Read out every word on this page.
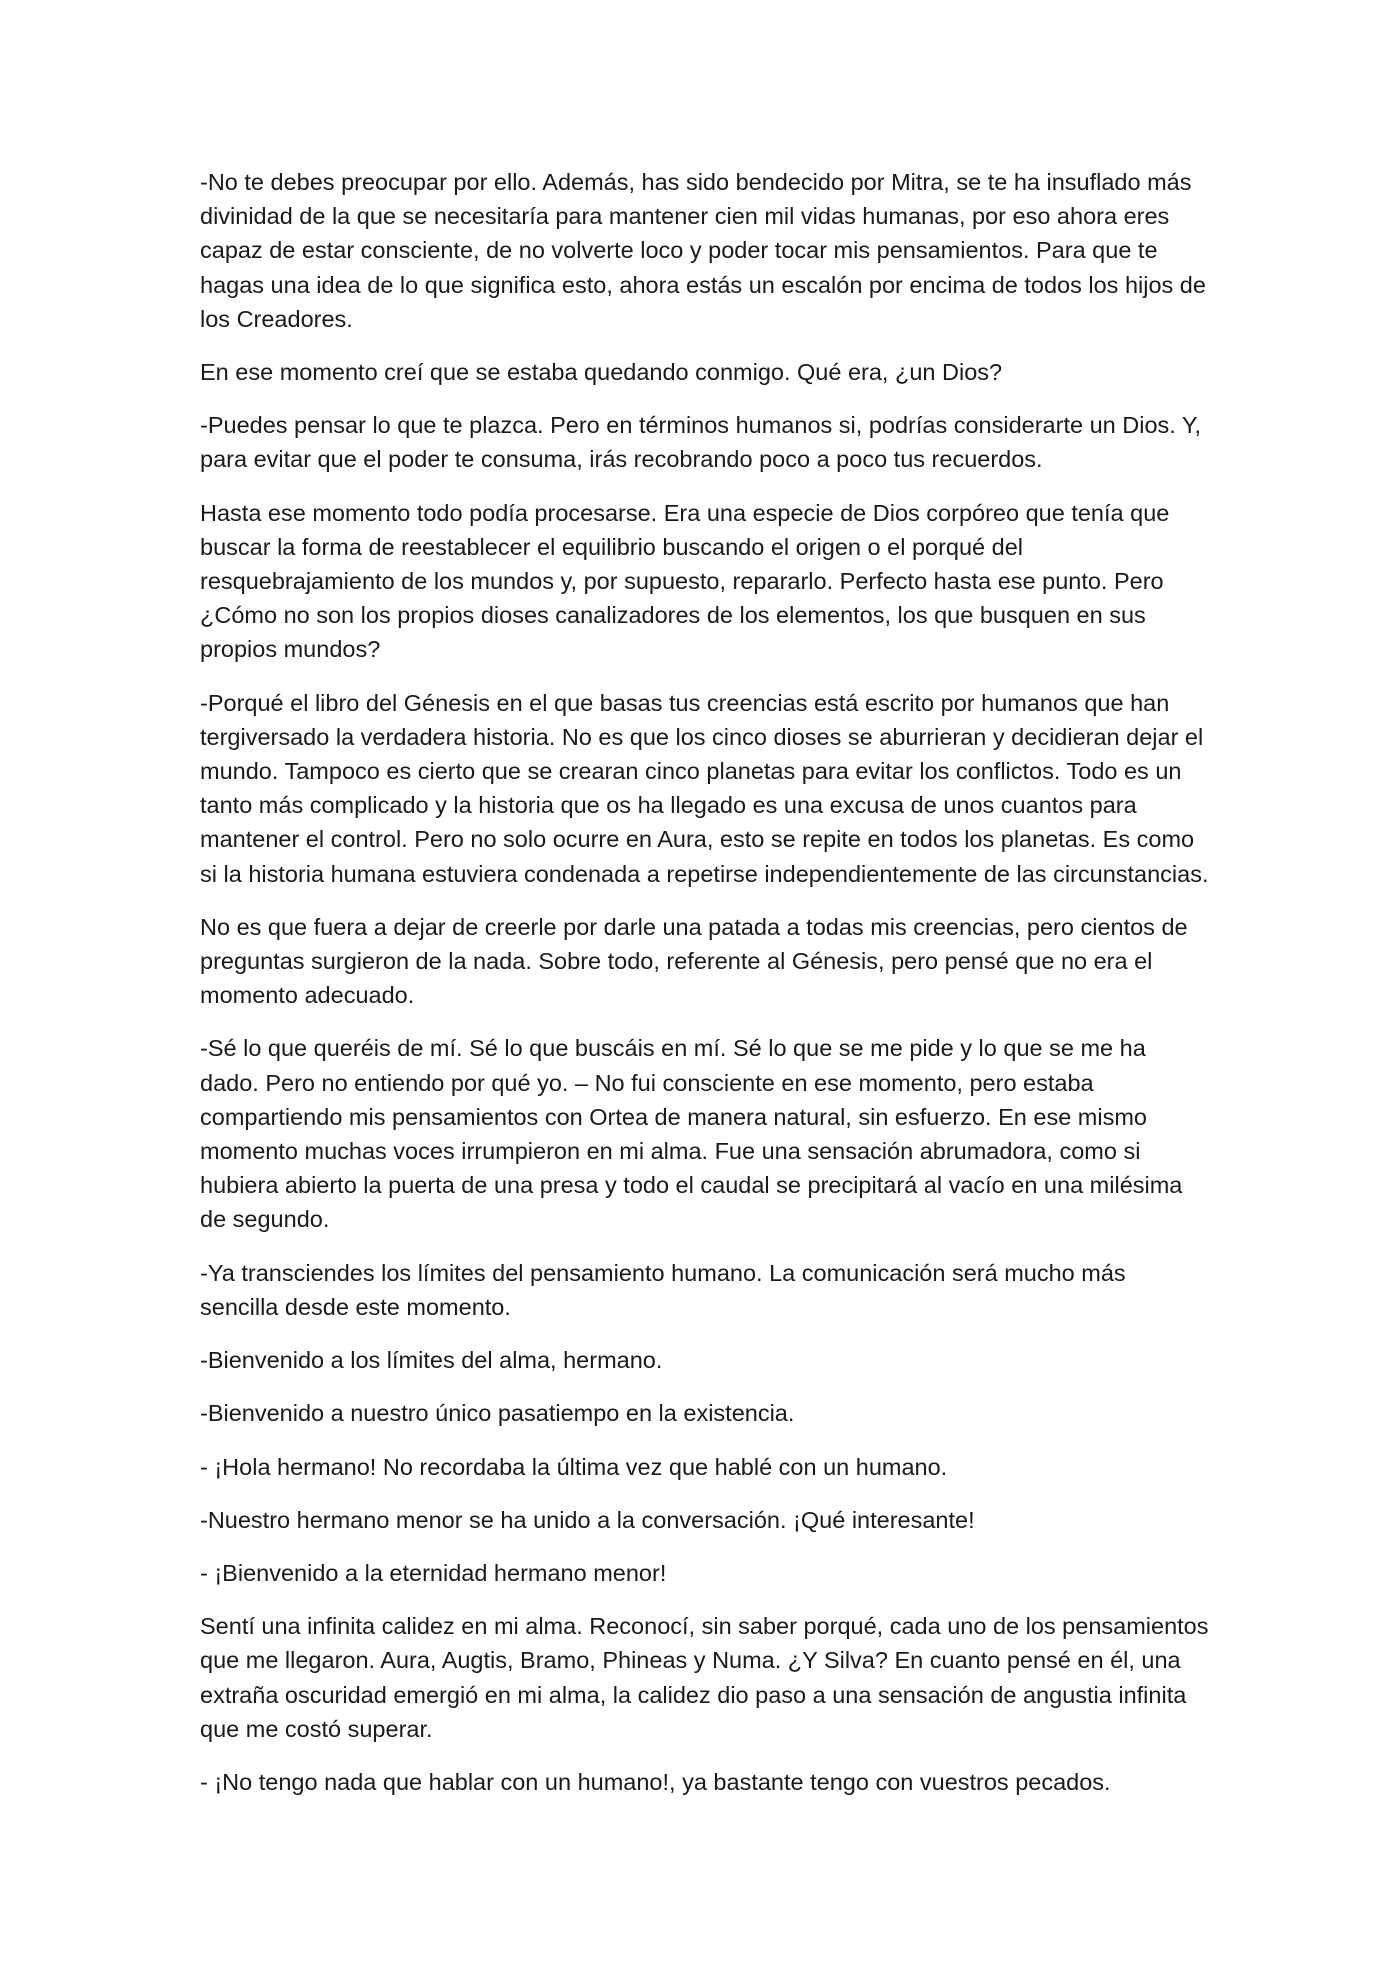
-No te debes preocupar por ello. Además, has sido bendecido por Mitra, se te ha insuflado más divinidad de la que se necesitaría para mantener cien mil vidas humanas, por eso ahora eres capaz de estar consciente, de no volverte loco y poder tocar mis pensamientos. Para que te hagas una idea de lo que significa esto, ahora estás un escalón por encima de todos los hijos de los Creadores.

En ese momento creí que se estaba quedando conmigo. Qué era, ¿un Dios?

-Puedes pensar lo que te plazca. Pero en términos humanos si, podrías considerarte un Dios. Y, para evitar que el poder te consuma, irás recobrando poco a poco tus recuerdos.

Hasta ese momento todo podía procesarse. Era una especie de Dios corpóreo que tenía que buscar la forma de reestablecer el equilibrio buscando el origen o el porqué del resquebrajamiento de los mundos y, por supuesto, repararlo. Perfecto hasta ese punto. Pero ¿Cómo no son los propios dioses canalizadores de los elementos, los que busquen en sus propios mundos?

-Porqué el libro del Génesis en el que basas tus creencias está escrito por humanos que han tergiversado la verdadera historia. No es que los cinco dioses se aburrieran y decidieran dejar el mundo. Tampoco es cierto que se crearan cinco planetas para evitar los conflictos. Todo es un tanto más complicado y la historia que os ha llegado es una excusa de unos cuantos para mantener el control. Pero no solo ocurre en Aura, esto se repite en todos los planetas. Es como si la historia humana estuviera condenada a repetirse independientemente de las circunstancias.

No es que fuera a dejar de creerle por darle una patada a todas mis creencias, pero cientos de preguntas surgieron de la nada. Sobre todo, referente al Génesis, pero pensé que no era el momento adecuado.

-Sé lo que queréis de mí. Sé lo que buscáis en mí. Sé lo que se me pide y lo que se me ha dado. Pero no entiendo por qué yo. – No fui consciente en ese momento, pero estaba compartiendo mis pensamientos con Ortea de manera natural, sin esfuerzo. En ese mismo momento muchas voces irrumpieron en mi alma. Fue una sensación abrumadora, como si hubiera abierto la puerta de una presa y todo el caudal se precipitará al vacío en una milésima de segundo.

-Ya transciendes los límites del pensamiento humano. La comunicación será mucho más sencilla desde este momento.

-Bienvenido a los límites del alma, hermano.

-Bienvenido a nuestro único pasatiempo en la existencia.

- ¡Hola hermano! No recordaba la última vez que hablé con un humano.

-Nuestro hermano menor se ha unido a la conversación. ¡Qué interesante!

- ¡Bienvenido a la eternidad hermano menor!

Sentí una infinita calidez en mi alma. Reconocí, sin saber porqué, cada uno de los pensamientos que me llegaron. Aura, Augtis, Bramo, Phineas y Numa. ¿Y Silva? En cuanto pensé en él, una extraña oscuridad emergió en mi alma, la calidez dio paso a una sensación de angustia infinita que me costó superar.

- ¡No tengo nada que hablar con un humano!, ya bastante tengo con vuestros pecados.
